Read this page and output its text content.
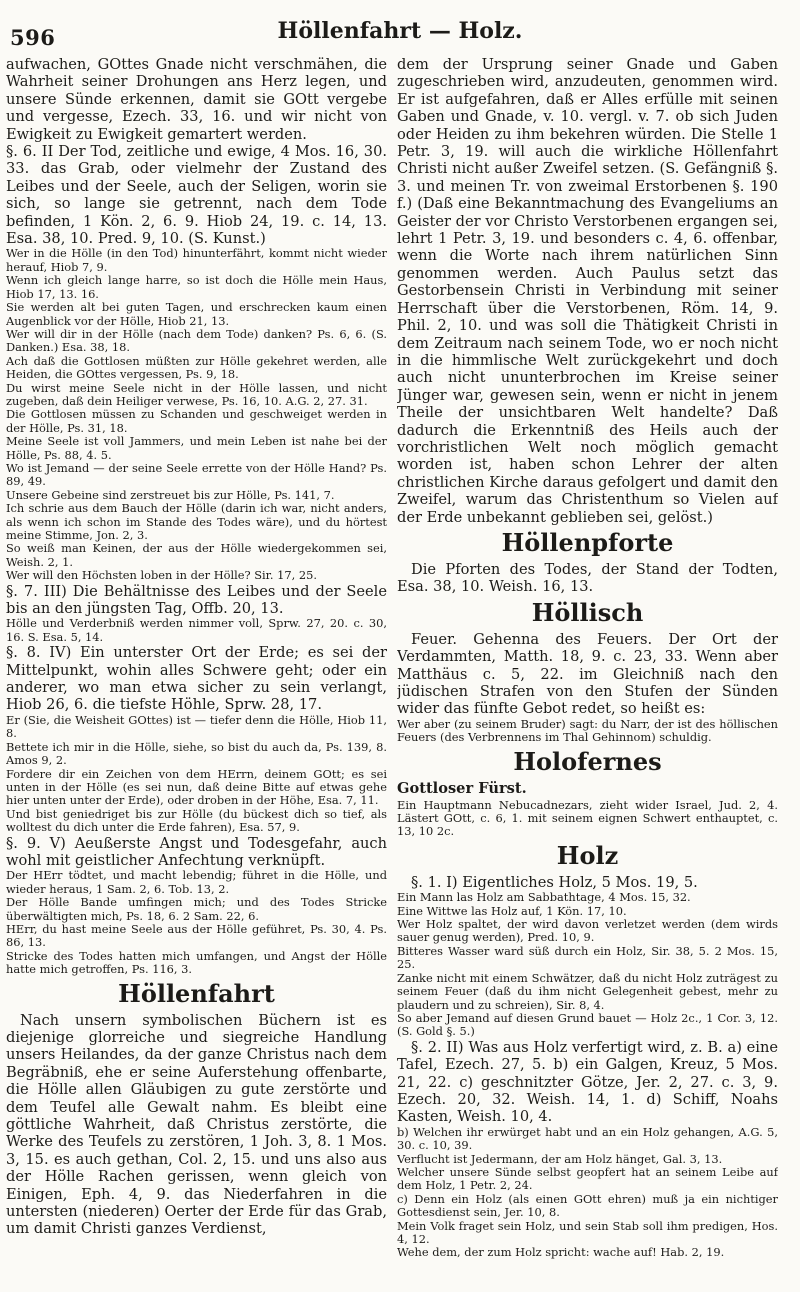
596	Höllenfahrt — Holz.

aufwachen, GOttes Gnade nicht verschmähen, die Wahrheit seiner Drohungen ans Herz legen, und unsere Sünde erkennen, damit sie GOtt vergebe und vergesse, Ezech. 33, 16. und wir nicht von Ewigkeit zu Ewigkeit gemartert werden.

§. 6. II Der Tod, zeitliche und ewige, 4 Mos. 16, 30. 33. das Grab, oder vielmehr der Zustand des Leibes und der Seele, auch der Seligen, worin sie sich, so lange sie getrennt, nach dem Tode befinden, 1 Kön. 2, 6. 9. Hiob 24, 19. c. 14, 13. Esa. 38, 10. Pred. 9, 10. (S. Kunst.)

Wer in die Hölle (in den Tod) hinunterfährt, kommt nicht wieder herauf, Hiob 7, 9.

Wenn ich gleich lange harre, so ist doch die Hölle mein Haus, Hiob 17, 13. 16.

Sie werden alt bei guten Tagen, und erschrecken kaum einen Augenblick vor der Hölle, Hiob 21, 13.

Wer will dir in der Hölle (nach dem Tode) danken? Ps. 6, 6. (S. Danken.) Esa. 38, 18.

Ach daß die Gottlosen müßten zur Hölle gekehret werden, alle Heiden, die GOttes vergessen, Ps. 9, 18.

Du wirst meine Seele nicht in der Hölle lassen, und nicht zugeben, daß dein Heiliger verwese, Ps. 16, 10. A.G. 2, 27. 31.

Die Gottlosen müssen zu Schanden und geschweiget werden in der Hölle, Ps. 31, 18.

Meine Seele ist voll Jammers, und mein Leben ist nahe bei der Hölle, Ps. 88, 4. 5.

Wo ist Jemand — der seine Seele errette von der Hölle Hand? Ps. 89, 49.

Unsere Gebeine sind zerstreuet bis zur Hölle, Ps. 141, 7.

Ich schrie aus dem Bauch der Hölle (darin ich war, nicht anders, als wenn ich schon im Stande des Todes wäre), und du hörtest meine Stimme, Jon. 2, 3.

So weiß man Keinen, der aus der Hölle wiedergekommen sei, Weish. 2, 1.

Wer will den Höchsten loben in der Hölle? Sir. 17, 25.

§. 7. III) Die Behältnisse des Leibes und der Seele bis an den jüngsten Tag, Offb. 20, 13.

Hölle und Verderbniß werden nimmer voll, Sprw. 27, 20. c. 30, 16. S. Esa. 5, 14.

§. 8. IV) Ein unterster Ort der Erde; es sei der Mittelpunkt, wohin alles Schwere geht; oder ein anderer, wo man etwa sicher zu sein verlangt, Hiob 26, 6. die tiefste Höhle, Sprw. 28, 17.

Er (Sie, die Weisheit GOttes) ist — tiefer denn die Hölle, Hiob 11, 8.

Bettete ich mir in die Hölle, siehe, so bist du auch da, Ps. 139, 8. Amos 9, 2.

Fordere dir ein Zeichen von dem HErrn, deinem GOtt; es sei unten in der Hölle (es sei nun, daß deine Bitte auf etwas gehe hier unten unter der Erde), oder droben in der Höhe, Esa. 7, 11.

Und bist geniedriget bis zur Hölle (du bückest dich so tief, als wolltest du dich unter die Erde fahren), Esa. 57, 9.

§. 9. V) Aeußerste Angst und Todesgefahr, auch wohl mit geistlicher Anfechtung verknüpft.

Der HErr tödtet, und macht lebendig; führet in die Hölle, und wieder heraus, 1 Sam. 2, 6. Tob. 13, 2.

Der Hölle Bande umfingen mich; und des Todes Stricke überwältigten mich, Ps. 18, 6. 2 Sam. 22, 6.

HErr, du hast meine Seele aus der Hölle geführet, Ps. 30, 4. Ps. 86, 13.

Stricke des Todes hatten mich umfangen, und Angst der Hölle hatte mich getroffen, Ps. 116, 3.

Höllenfahrt

Nach unsern symbolischen Büchern ist es diejenige glorreiche und siegreiche Handlung unsers Heilandes, da der ganze Christus nach dem Begräbniß, ehe er seine Auferstehung offenbarte, die Hölle allen Gläubigen zu gute zerstörte und dem Teufel alle Gewalt nahm. Es bleibt eine göttliche Wahrheit, daß Christus zerstörte, die Werke des Teufels zu zerstören, 1 Joh. 3, 8. 1 Mos. 3, 15. es auch gethan, Col. 2, 15. und uns also aus der Hölle Rachen gerissen, wenn gleich von Einigen, Eph. 4, 9. das Niederfahren in die untersten (niederen) Oerter der Erde für das Grab, um damit Christi ganzes Verdienst,

dem der Ursprung seiner Gnade und Gaben zugeschrieben wird, anzudeuten, genommen wird. Er ist aufgefahren, daß er Alles erfülle mit seinen Gaben und Gnade, v. 10. vergl. v. 7. ob sich Juden oder Heiden zu ihm bekehren würden. Die Stelle 1 Petr. 3, 19. will auch die wirkliche Höllenfahrt Christi nicht außer Zweifel setzen. (S. Gefängniß §. 3. und meinen Tr. von zweimal Erstorbenen §. 190 f.) (Daß eine Bekanntmachung des Evangeliums an Geister der vor Christo Verstorbenen ergangen sei, lehrt 1 Petr. 3, 19. und besonders c. 4, 6. offenbar, wenn die Worte nach ihrem natürlichen Sinn genommen werden. Auch Paulus setzt das Gestorbensein Christi in Verbindung mit seiner Herrschaft über die Verstorbenen, Röm. 14, 9. Phil. 2, 10. und was soll die Thätigkeit Christi in dem Zeitraum nach seinem Tode, wo er noch nicht in die himmlische Welt zurückgekehrt und doch auch nicht ununterbrochen im Kreise seiner Jünger war, gewesen sein, wenn er nicht in jenem Theile der unsichtbaren Welt handelte? Daß dadurch die Erkenntniß des Heils auch der vorchristlichen Welt noch möglich gemacht worden ist, haben schon Lehrer der alten christlichen Kirche daraus gefolgert und damit den Zweifel, warum das Christenthum so Vielen auf der Erde unbekannt geblieben sei, gelöst.)

Höllenpforte

Die Pforten des Todes, der Stand der Todten, Esa. 38, 10. Weish. 16, 13.

Höllisch

Feuer. Gehenna des Feuers. Der Ort der Verdammten, Matth. 18, 9. c. 23, 33. Wenn aber Matthäus c. 5, 22. im Gleichniß nach den jüdischen Strafen von den Stufen der Sünden wider das fünfte Gebot redet, so heißt es:

Wer aber (zu seinem Bruder) sagt: du Narr, der ist des höllischen Feuers (des Verbrennens im Thal Gehinnom) schuldig.

Holofernes

Gottloser Fürst.

Ein Hauptmann Nebucadnezars, zieht wider Israel, Jud. 2, 4. Lästert GOtt, c. 6, 1. mit seinem eignen Schwert enthauptet, c. 13, 10 2c.

Holz

§. 1. I) Eigentliches Holz, 5 Mos. 19, 5.

Ein Mann las Holz am Sabbathtage, 4 Mos. 15, 32.

Eine Wittwe las Holz auf, 1 Kön. 17, 10.

Wer Holz spaltet, der wird davon verletzet werden (dem wirds sauer genug werden), Pred. 10, 9.

Bitteres Wasser ward süß durch ein Holz, Sir. 38, 5. 2 Mos. 15, 25.

Zanke nicht mit einem Schwätzer, daß du nicht Holz zuträgest zu seinem Feuer (daß du ihm nicht Gelegenheit gebest, mehr zu plaudern und zu schreien), Sir. 8, 4.

So aber Jemand auf diesen Grund bauet — Holz 2c., 1 Cor. 3, 12. (S. Gold §. 5.)

§. 2. II) Was aus Holz verfertigt wird, z. B. a) eine Tafel, Ezech. 27, 5. b) ein Galgen, Kreuz, 5 Mos. 21, 22. c) geschnitzter Götze, Jer. 2, 27. c. 3, 9. Ezech. 20, 32. Weish. 14, 1. d) Schiff, Noahs Kasten, Weish. 10, 4.

b) Welchen ihr erwürget habt und an ein Holz gehangen, A.G. 5, 30. c. 10, 39.

Verflucht ist Jedermann, der am Holz hänget, Gal. 3, 13.

Welcher unsere Sünde selbst geopfert hat an seinem Leibe auf dem Holz, 1 Petr. 2, 24.

c) Denn ein Holz (als einen GOtt ehren) muß ja ein nichtiger Gottesdienst sein, Jer. 10, 8.

Mein Volk fraget sein Holz, und sein Stab soll ihm predigen, Hos. 4, 12.

Wehe dem, der zum Holz spricht: wache auf! Hab. 2, 19.
